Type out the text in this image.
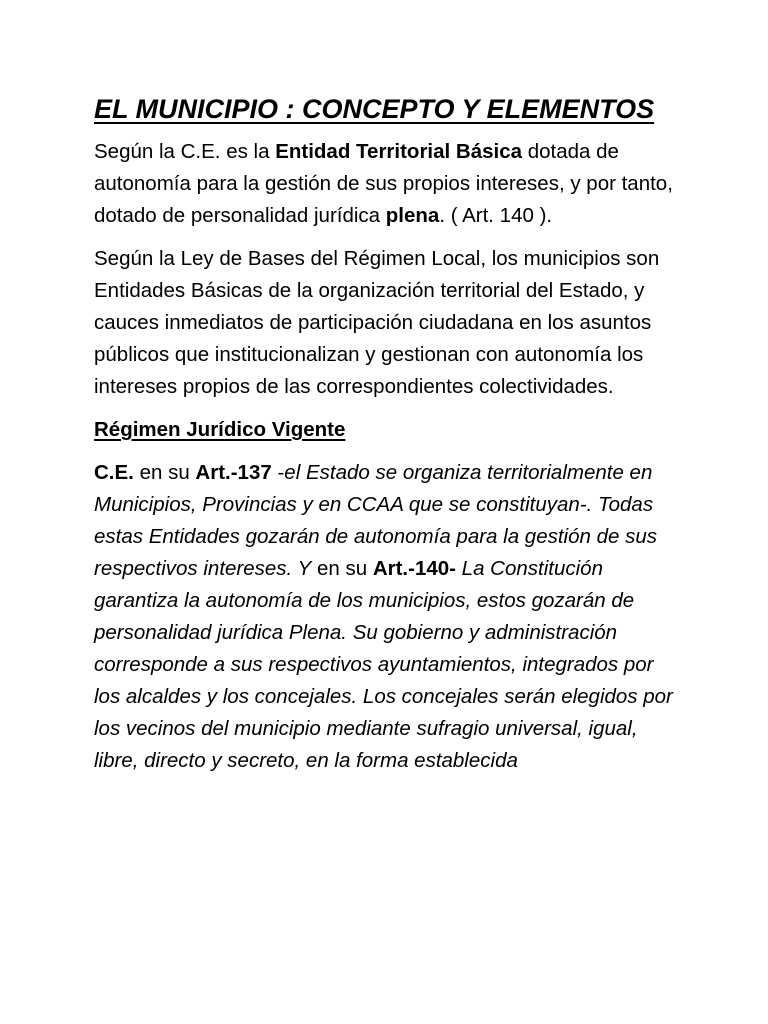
EL MUNICIPIO : CONCEPTO Y ELEMENTOS

Según la C.E. es la Entidad Territorial Básica dotada de autonomía para la gestión de sus propios intereses, y por tanto, dotado de personalidad jurídica plena. ( Art. 140 ).

Según la Ley de Bases del Régimen Local, los municipios son Entidades Básicas de la organización territorial del Estado, y cauces inmediatos de participación ciudadana en los asuntos públicos que institucionalizan y gestionan con autonomía los intereses propios de las correspondientes colectividades.

Régimen Jurídico Vigente

C.E. en su Art.-137 -el Estado se organiza territorialmente en Municipios, Provincias y en CCAA que se constituyan-. Todas estas Entidades gozarán de autonomía para la gestión de sus respectivos intereses. Y en su Art.-140- La Constitución garantiza la autonomía de los municipios, estos gozarán de personalidad jurídica Plena. Su gobierno y administración corresponde a sus respectivos ayuntamientos, integrados por los alcaldes y los concejales. Los concejales serán elegidos por los vecinos del municipio mediante sufragio universal, igual, libre, directo y secreto, en la forma establecida
